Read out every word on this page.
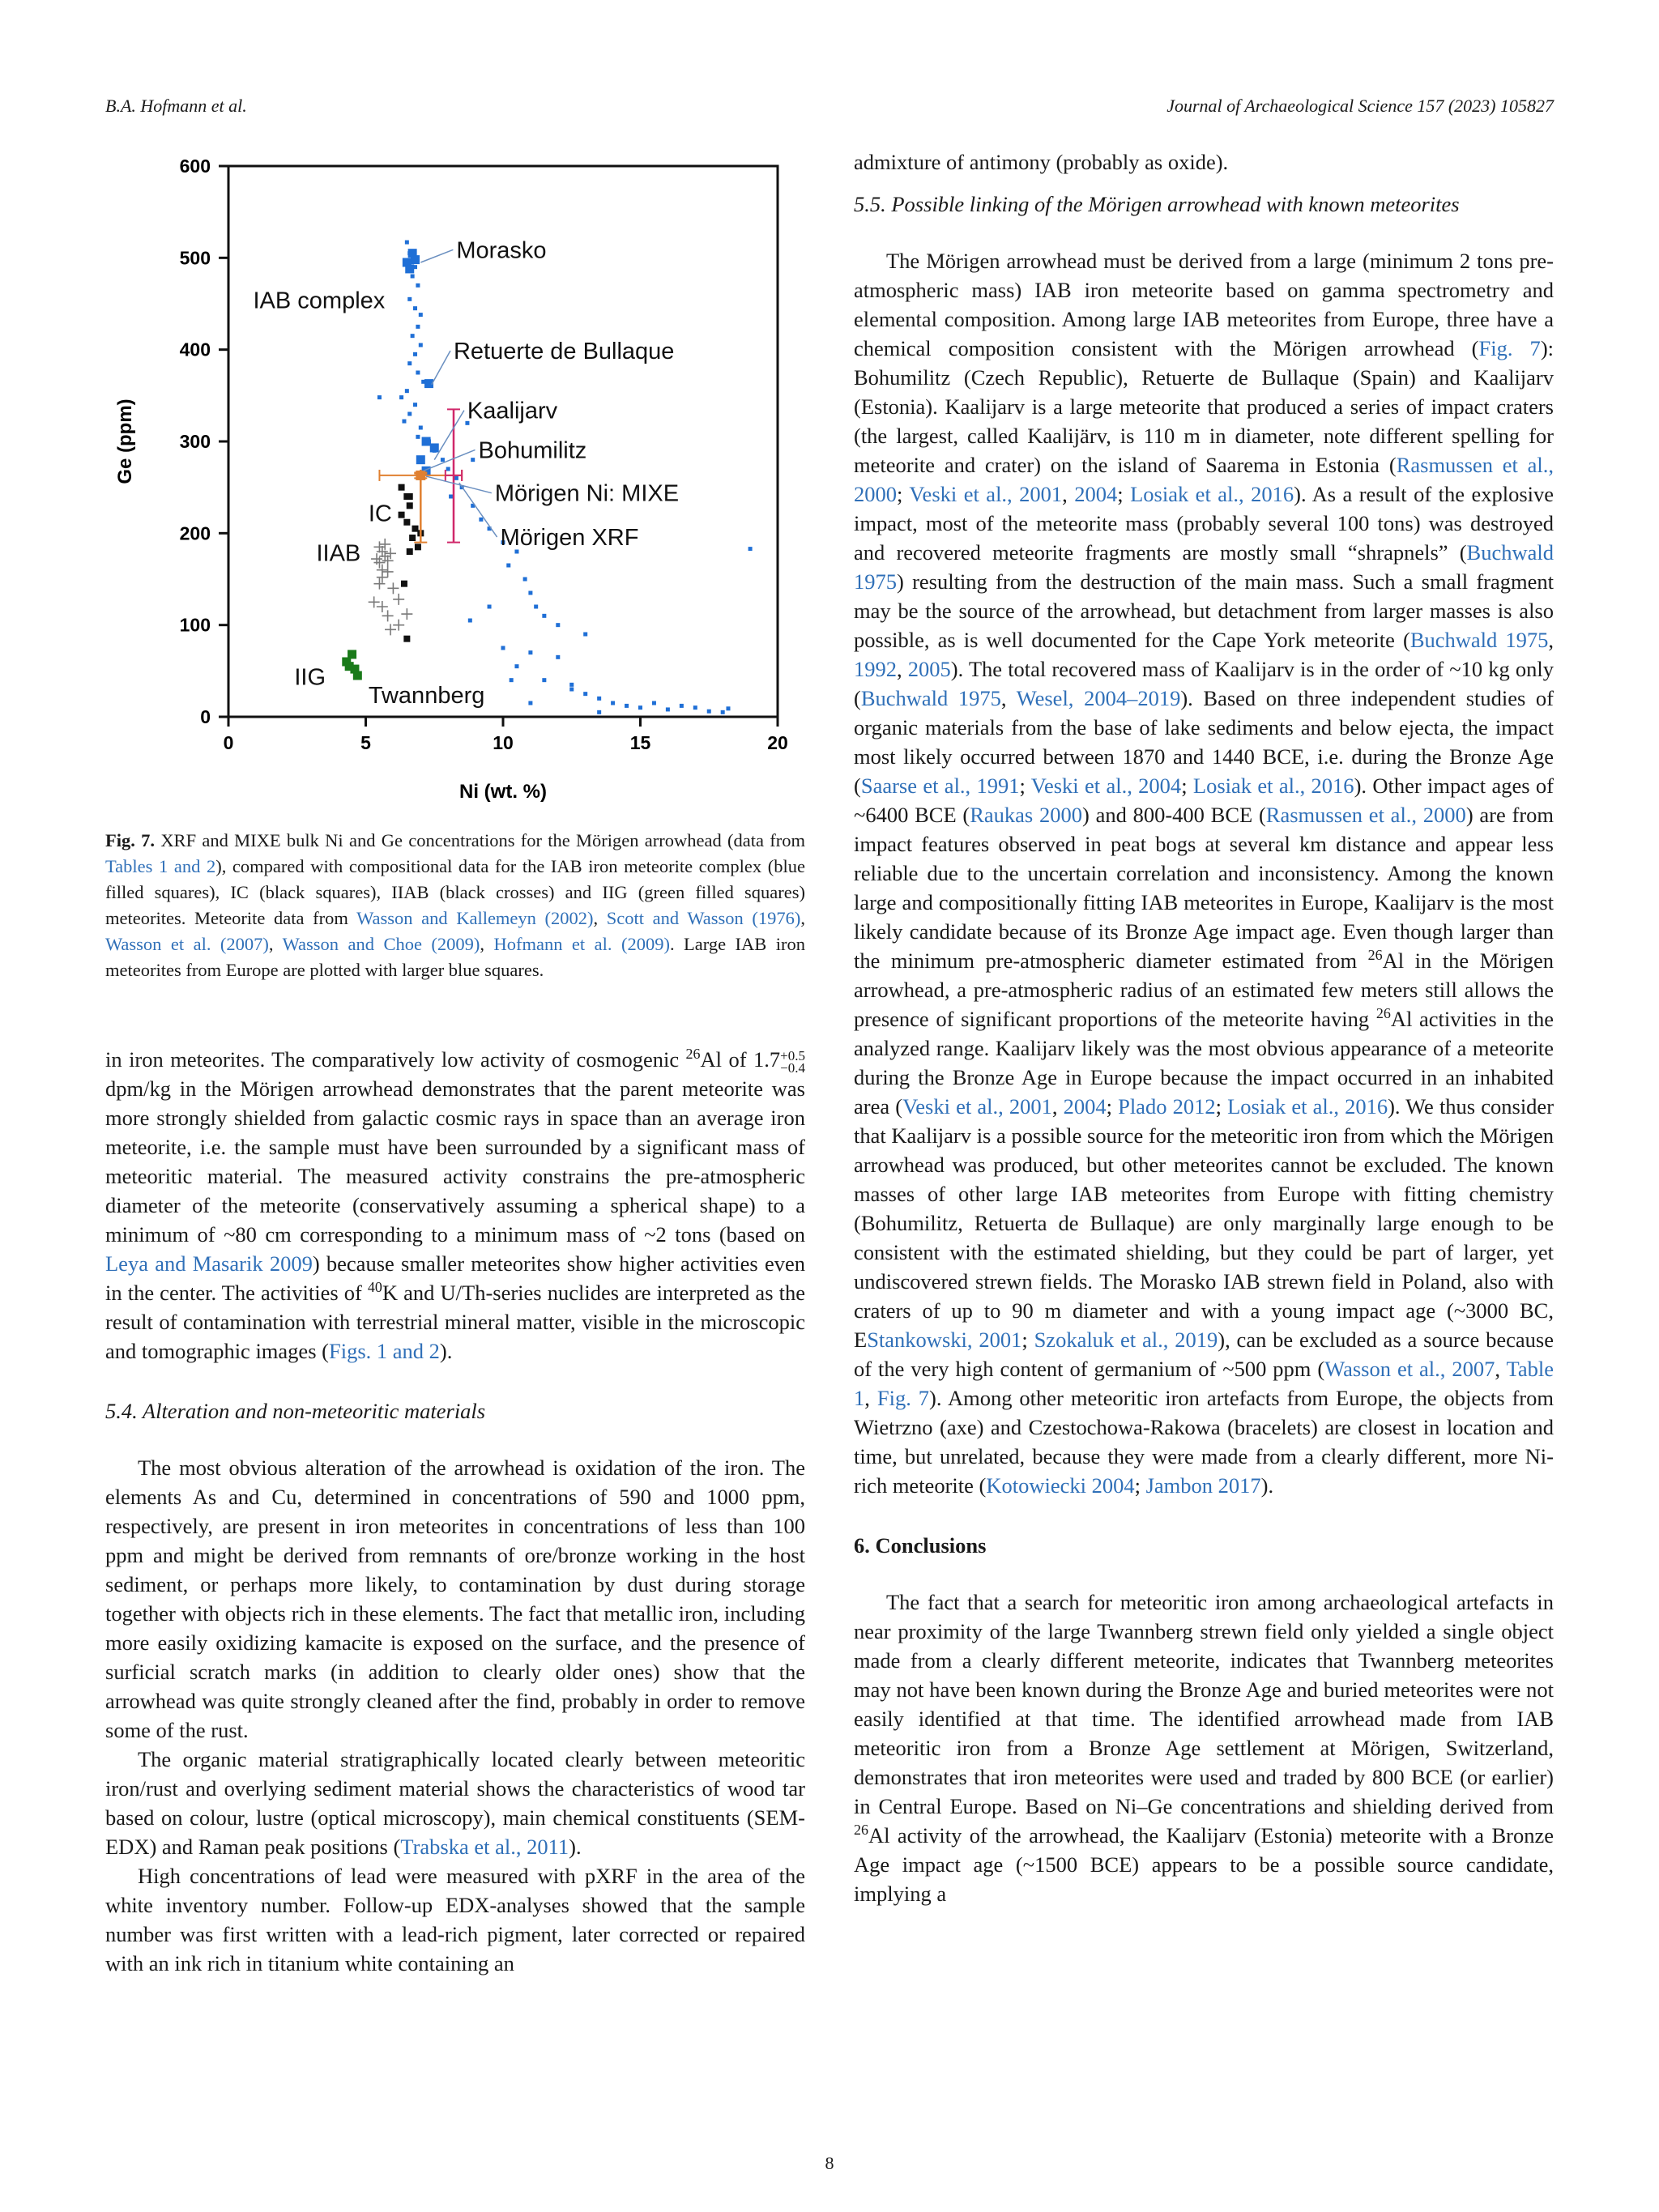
B.A. Hofmann et al.	Journal of Archaeological Science 157 (2023) 105827
0	5	10	15	20
0
100
200
300
400
500
600
Ni (wt. %)
Ge (ppm)
Morasko
IAB complex
Retuerte de Bullaque
Kaalijarv
Bohumilitz
Mörigen Ni: MIXE
Mörigen XRF
IC
IIAB
IIG
Twannberg
Fig. 7. XRF and MIXE bulk Ni and Ge concentrations for the Mörigen arrowhead (data from Tables 1 and 2), compared with compositional data for the IAB iron meteorite complex (blue filled squares), IC (black squares), IIAB (black crosses) and IIG (green filled squares) meteorites. Meteorite data from Wasson and Kallemeyn (2002), Scott and Wasson (1976), Wasson et al. (2007), Wasson and Choe (2009), Hofmann et al. (2009). Large IAB iron meteorites from Europe are plotted with larger blue squares.

in iron meteorites. The comparatively low activity of cosmogenic $^{26}$Al of 1.7 +0.5
−0.4
dpm/kg in the Mörigen arrowhead demonstrates that the parent meteorite was more strongly shielded from galactic cosmic rays in space than an average iron meteorite, i.e. the sample must have been surrounded by a significant mass of meteoritic material. The measured activity constrains the pre-atmospheric diameter of the meteorite (conservatively assuming a spherical shape) to a minimum of ~80 cm corresponding to a minimum mass of ~2 tons (based on Leya and Masarik 2009) because smaller meteorites show higher activities even in the center. The activities of $^{40}$K and U/Th-series nuclides are interpreted as the result of contamination with terrestrial mineral matter, visible in the microscopic and tomographic images (Figs. 1 and 2).

5.4. Alteration and non-meteoritic materials

The most obvious alteration of the arrowhead is oxidation of the iron. The elements As and Cu, determined in concentrations of 590 and 1000 ppm, respectively, are present in iron meteorites in concentrations of less than 100 ppm and might be derived from remnants of ore/bronze working in the host sediment, or perhaps more likely, to contamination by dust during storage together with objects rich in these elements. The fact that metallic iron, including more easily oxidizing kamacite is exposed on the surface, and the presence of surficial scratch marks (in addition to clearly older ones) show that the arrowhead was quite strongly cleaned after the find, probably in order to remove some of the rust.

The organic material stratigraphically located clearly between meteoritic iron/rust and overlying sediment material shows the characteristics of wood tar based on colour, lustre (optical microscopy), main chemical constituents (SEM-EDX) and Raman peak positions (Trabska et al., 2011).

High concentrations of lead were measured with pXRF in the area of the white inventory number. Follow-up EDX-analyses showed that the sample number was first written with a lead-rich pigment, later corrected or repaired with an ink rich in titanium white containing an

admixture of antimony (probably as oxide).

5.5. Possible linking of the Mörigen arrowhead with known meteorites

The Mörigen arrowhead must be derived from a large (minimum 2 tons pre-atmospheric mass) IAB iron meteorite based on gamma spectrometry and elemental composition. Among large IAB meteorites from Europe, three have a chemical composition consistent with the Mörigen arrowhead (Fig. 7): Bohumilitz (Czech Republic), Retuerte de Bullaque (Spain) and Kaalijarv (Estonia). Kaalijarv is a large meteorite that produced a series of impact craters (the largest, called Kaalijärv, is 110 m in diameter, note different spelling for meteorite and crater) on the island of Saarema in Estonia (Rasmussen et al., 2000; Veski et al., 2001, 2004; Losiak et al., 2016). As a result of the explosive impact, most of the meteorite mass (probably several 100 tons) was destroyed and recovered meteorite fragments are mostly small “shrapnels” (Buchwald 1975) resulting from the destruction of the main mass. Such a small fragment may be the source of the arrowhead, but detachment from larger masses is also possible, as is well documented for the Cape York meteorite (Buchwald 1975, 1992, 2005). The total recovered mass of Kaalijarv is in the order of ~10 kg only (Buchwald 1975, Wesel, 2004–2019). Based on three independent studies of organic materials from the base of lake sediments and below ejecta, the impact most likely occurred between 1870 and 1440 BCE, i.e. during the Bronze Age (Saarse et al., 1991; Veski et al., 2004; Losiak et al., 2016). Other impact ages of ~6400 BCE (Raukas 2000) and 800-400 BCE (Rasmussen et al., 2000) are from impact features observed in peat bogs at several km distance and appear less reliable due to the uncertain correlation and inconsistency. Among the known large and compositionally fitting IAB meteorites in Europe, Kaalijarv is the most likely candidate because of its Bronze Age impact age. Even though larger than the minimum pre-atmospheric diameter estimated from $^{26}$Al in the Mörigen arrowhead, a pre-atmospheric radius of an estimated few meters still allows the presence of significant proportions of the meteorite having $^{26}$Al activities in the analyzed range. Kaalijarv likely was the most obvious appearance of a meteorite during the Bronze Age in Europe because the impact occurred in an inhabited area (Veski et al., 2001, 2004; Plado 2012; Losiak et al., 2016). We thus consider that Kaalijarv is a possible source for the meteoritic iron from which the Mörigen arrowhead was produced, but other meteorites cannot be excluded. The known masses of other large IAB meteorites from Europe with fitting chemistry (Bohumilitz, Retuerta de Bullaque) are only marginally large enough to be consistent with the estimated shielding, but they could be part of larger, yet undiscovered strewn fields. The Morasko IAB strewn field in Poland, also with craters of up to 90 m diameter and with a young impact age (~3000 BC, EStankowski, 2001; Szokaluk et al., 2019), can be excluded as a source because of the very high content of germanium of ~500 ppm (Wasson et al., 2007, Table 1, Fig. 7). Among other meteoritic iron artefacts from Europe, the objects from Wietrzno (axe) and Czestochowa-Rakowa (bracelets) are closest in location and time, but unrelated, because they were made from a clearly different, more Ni-rich meteorite (Kotowiecki 2004; Jambon 2017).

6. Conclusions

The fact that a search for meteoritic iron among archaeological artefacts in near proximity of the large Twannberg strewn field only yielded a single object made from a clearly different meteorite, indicates that Twannberg meteorites may not have been known during the Bronze Age and buried meteorites were not easily identified at that time. The identified arrowhead made from IAB meteoritic iron from a Bronze Age settlement at Mörigen, Switzerland, demonstrates that iron meteorites were used and traded by 800 BCE (or earlier) in Central Europe. Based on Ni–Ge concentrations and shielding derived from $^{26}$Al activity of the arrowhead, the Kaalijarv (Estonia) meteorite with a Bronze Age impact age (~1500 BCE) appears to be a possible source candidate, implying a

8
